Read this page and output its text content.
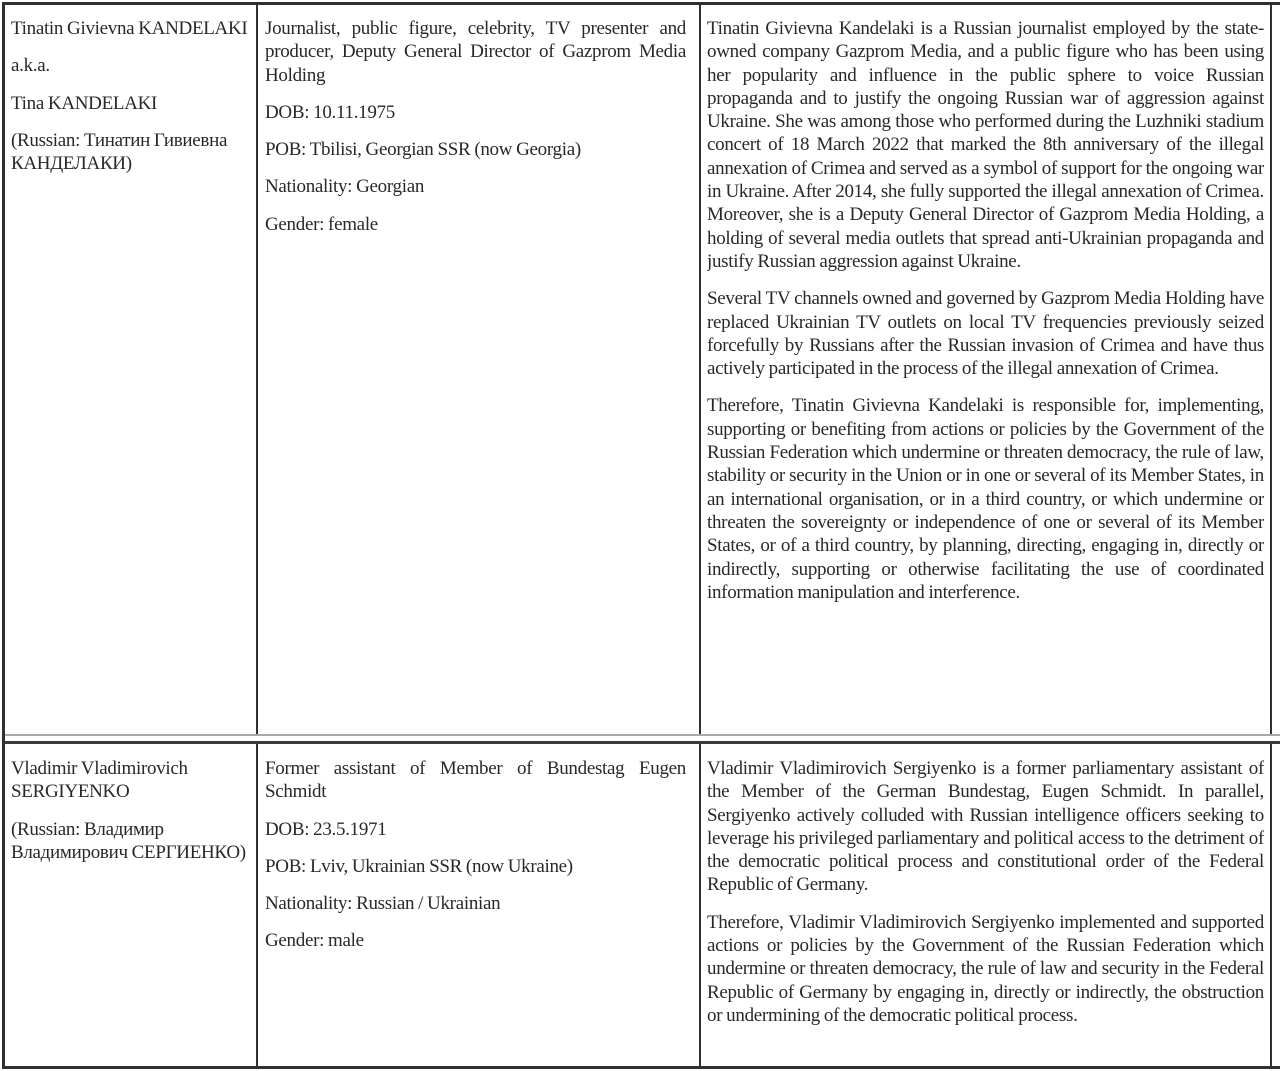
Tinatin Givievna KANDELAKI

a.k.a.

Tina KANDELAKI

(Russian: Тинатин Гивиевна КАНДЕЛАКИ)

Journalist, public figure, celebrity, TV presenter and producer, Deputy General Director of Gazprom Media Holding

DOB: 10.11.1975

POB: Tbilisi, Georgian SSR (now Georgia)

Nationality: Georgian

Gender: female

Tinatin Givievna Kandelaki is a Russian journalist employed by the state-owned company Gazprom Media, and a public figure who has been using her popularity and influence in the public sphere to voice Russian propaganda and to justify the ongoing Russian war of aggression against Ukraine. She was among those who performed during the Luzhniki stadium concert of 18 March 2022 that marked the 8th anniversary of the illegal annexation of Crimea and served as a symbol of support for the ongoing war in Ukraine. After 2014, she fully supported the illegal annexation of Crimea. Moreover, she is a Deputy General Director of Gazprom Media Holding, a holding of several media outlets that spread anti-Ukrainian propaganda and justify Russian aggression against Ukraine.

Several TV channels owned and governed by Gazprom Media Holding have replaced Ukrainian TV outlets on local TV frequencies previously seized forcefully by Russians after the Russian invasion of Crimea and have thus actively participated in the process of the illegal annexation of Crimea.

Therefore, Tinatin Givievna Kandelaki is responsible for, implementing, supporting or benefiting from actions or policies by the Government of the Russian Federation which undermine or threaten democracy, the rule of law, stability or security in the Union or in one or several of its Member States, in an international organisation, or in a third country, or which undermine or threaten the sovereignty or independence of one or several of its Member States, or of a third country, by planning, directing, engaging in, directly or indirectly, supporting or otherwise facilitating the use of coordinated information manipulation and interference.

Vladimir Vladimirovich SERGIYENKO

(Russian: Владимир Владимирович СЕРГИЕНКО)

Former assistant of Member of Bundestag Eugen Schmidt

DOB: 23.5.1971

POB: Lviv, Ukrainian SSR (now Ukraine)

Nationality: Russian / Ukrainian

Gender: male

Vladimir Vladimirovich Sergiyenko is a former parliamentary assistant of the Member of the German Bundestag, Eugen Schmidt. In parallel, Sergiyenko actively colluded with Russian intelligence officers seeking to leverage his privileged parliamentary and political access to the detriment of the democratic political process and constitutional order of the Federal Republic of Germany.

Therefore, Vladimir Vladimirovich Sergiyenko implemented and supported actions or policies by the Government of the Russian Federation which undermine or threaten democracy, the rule of law and security in the Federal Republic of Germany by engaging in, directly or indirectly, the obstruction or undermining of the democratic political process.
